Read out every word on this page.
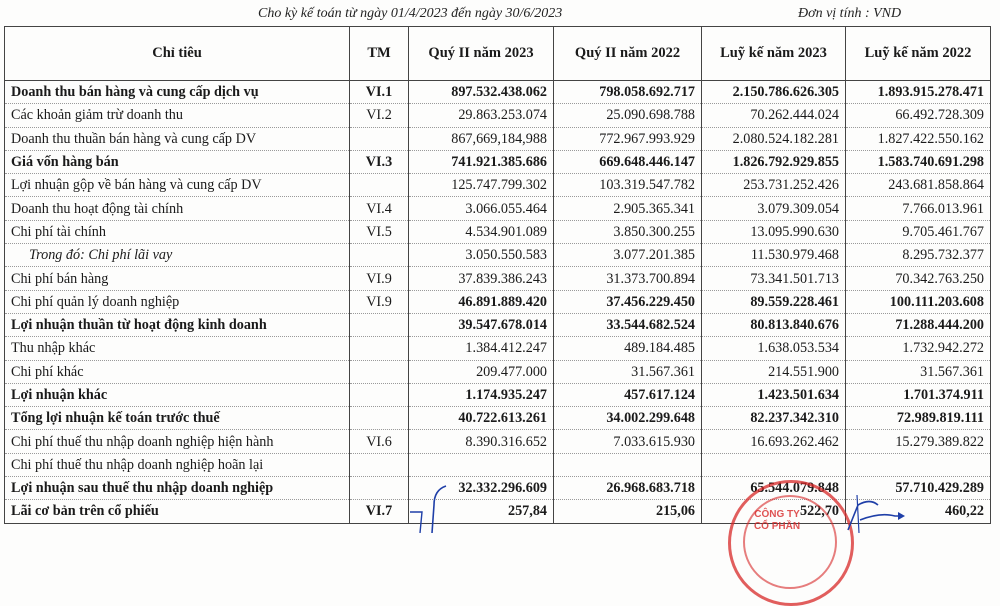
Cho kỳ kế toán từ ngày 01/4/2023 đến ngày 30/6/2023	Đơn vị tính : VND
Chỉ tiêu	TM	Quý II năm 2023	Quý II năm 2022	Luỹ kế năm 2023	Luỹ kế năm 2022
Doanh thu bán hàng và cung cấp dịch vụ	VI.1	897.532.438.062	798.058.692.717	2.150.786.626.305	1.893.915.278.471
Các khoản giảm trừ doanh thu	VI.2	29.863.253.074	25.090.698.788	70.262.444.024	66.492.728.309
Doanh thu thuần bán hàng và cung cấp DV		867,669,184,988	772.967.993.929	2.080.524.182.281	1.827.422.550.162
Giá vốn hàng bán	VI.3	741.921.385.686	669.648.446.147	1.826.792.929.855	1.583.740.691.298
Lợi nhuận gộp về bán hàng và cung cấp DV		125.747.799.302	103.319.547.782	253.731.252.426	243.681.858.864
Doanh thu hoạt động tài chính	VI.4	3.066.055.464	2.905.365.341	3.079.309.054	7.766.013.961
Chi phí tài chính	VI.5	4.534.901.089	3.850.300.255	13.095.990.630	9.705.461.767
Trong đó: Chi phí lãi vay		3.050.550.583	3.077.201.385	11.530.979.468	8.295.732.377
Chi phí bán hàng	VI.9	37.839.386.243	31.373.700.894	73.341.501.713	70.342.763.250
Chi phí quản lý doanh nghiệp	VI.9	46.891.889.420	37.456.229.450	89.559.228.461	100.111.203.608
Lợi nhuận thuần từ hoạt động kinh doanh		39.547.678.014	33.544.682.524	80.813.840.676	71.288.444.200
Thu nhập khác		1.384.412.247	489.184.485	1.638.053.534	1.732.942.272
Chi phí khác		209.477.000	31.567.361	214.551.900	31.567.361
Lợi nhuận khác		1.174.935.247	457.617.124	1.423.501.634	1.701.374.911
Tổng lợi nhuận kế toán trước thuế		40.722.613.261	34.002.299.648	82.237.342.310	72.989.819.111
Chi phí thuế thu nhập doanh nghiệp hiện hành	VI.6	8.390.316.652	7.033.615.930	16.693.262.462	15.279.389.822
Chi phí thuế thu nhập doanh nghiệp hoãn lại					
Lợi nhuận sau thuế thu nhập doanh nghiệp		32.332.296.609	26.968.683.718	65.544.079.848	57.710.429.289
Lãi cơ bản trên cổ phiếu	VI.7	257,84	215,06	522,70	460,22
CÔNG TY CỔ PHẦN
